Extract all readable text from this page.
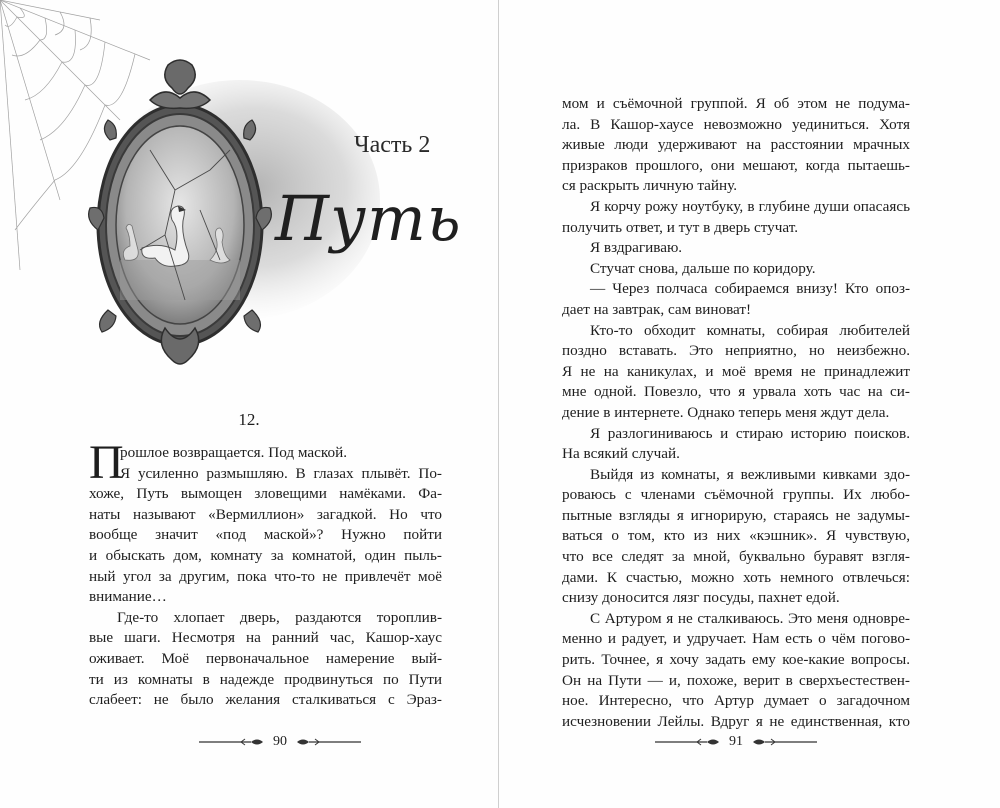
Часть 2
Путь
12.
П
рошлое возвращается. Под маской.
Я усиленно размышляю. В глазах плывёт. По-
хоже, Путь вымощен зловещими намёками. Фа-
наты называют «Вермиллион» загадкой. Но что
вообще значит «под маской»? Нужно пойти
и обыскать дом, комнату за комнатой, один пыль-
ный угол за другим, пока что-то не привлечёт моё
внимание…
Где-то хлопает дверь, раздаются тороплив-
вые шаги. Несмотря на ранний час, Кашор-хаус
оживает. Моё первоначальное намерение вый-
ти из комнаты в надежде продвинуться по Пути
слабеет: не было желания сталкиваться с Эраз-
90
мом и съёмочной группой. Я об этом не подума-
ла. В Кашор-хаусе невозможно уединиться. Хотя
живые люди удерживают на расстоянии мрачных
призраков прошлого, они мешают, когда пытаешь-
ся раскрыть личную тайну.
Я корчу рожу ноутбуку, в глубине души опасаясь
получить ответ, и тут в дверь стучат.
Я вздрагиваю.
Стучат снова, дальше по коридору.
— Через полчаса собираемся внизу! Кто опоз-
дает на завтрак, сам виноват!
Кто-то обходит комнаты, собирая любителей
поздно вставать. Это неприятно, но неизбежно.
Я не на каникулах, и моё время не принадлежит
мне одной. Повезло, что я урвала хоть час на си-
дение в интернете. Однако теперь меня ждут дела.
Я разлогиниваюсь и стираю историю поисков.
На всякий случай.
Выйдя из комнаты, я вежливыми кивками здо-
роваюсь с членами съёмочной группы. Их любо-
пытные взгляды я игнорирую, стараясь не задумы-
ваться о том, кто из них «кэшник». Я чувствую,
что все следят за мной, буквально буравят взгля-
дами. К счастью, можно хоть немного отвлечься:
снизу доносится лязг посуды, пахнет едой.
С Артуром я не сталкиваюсь. Это меня одновре-
менно и радует, и удручает. Нам есть о чём погово-
рить. Точнее, я хочу задать ему кое-какие вопросы.
Он на Пути — и, похоже, верит в сверхъестествен-
ное. Интересно, что Артур думает о загадочном
исчезновении Лейлы. Вдруг я не единственная, кто
91
